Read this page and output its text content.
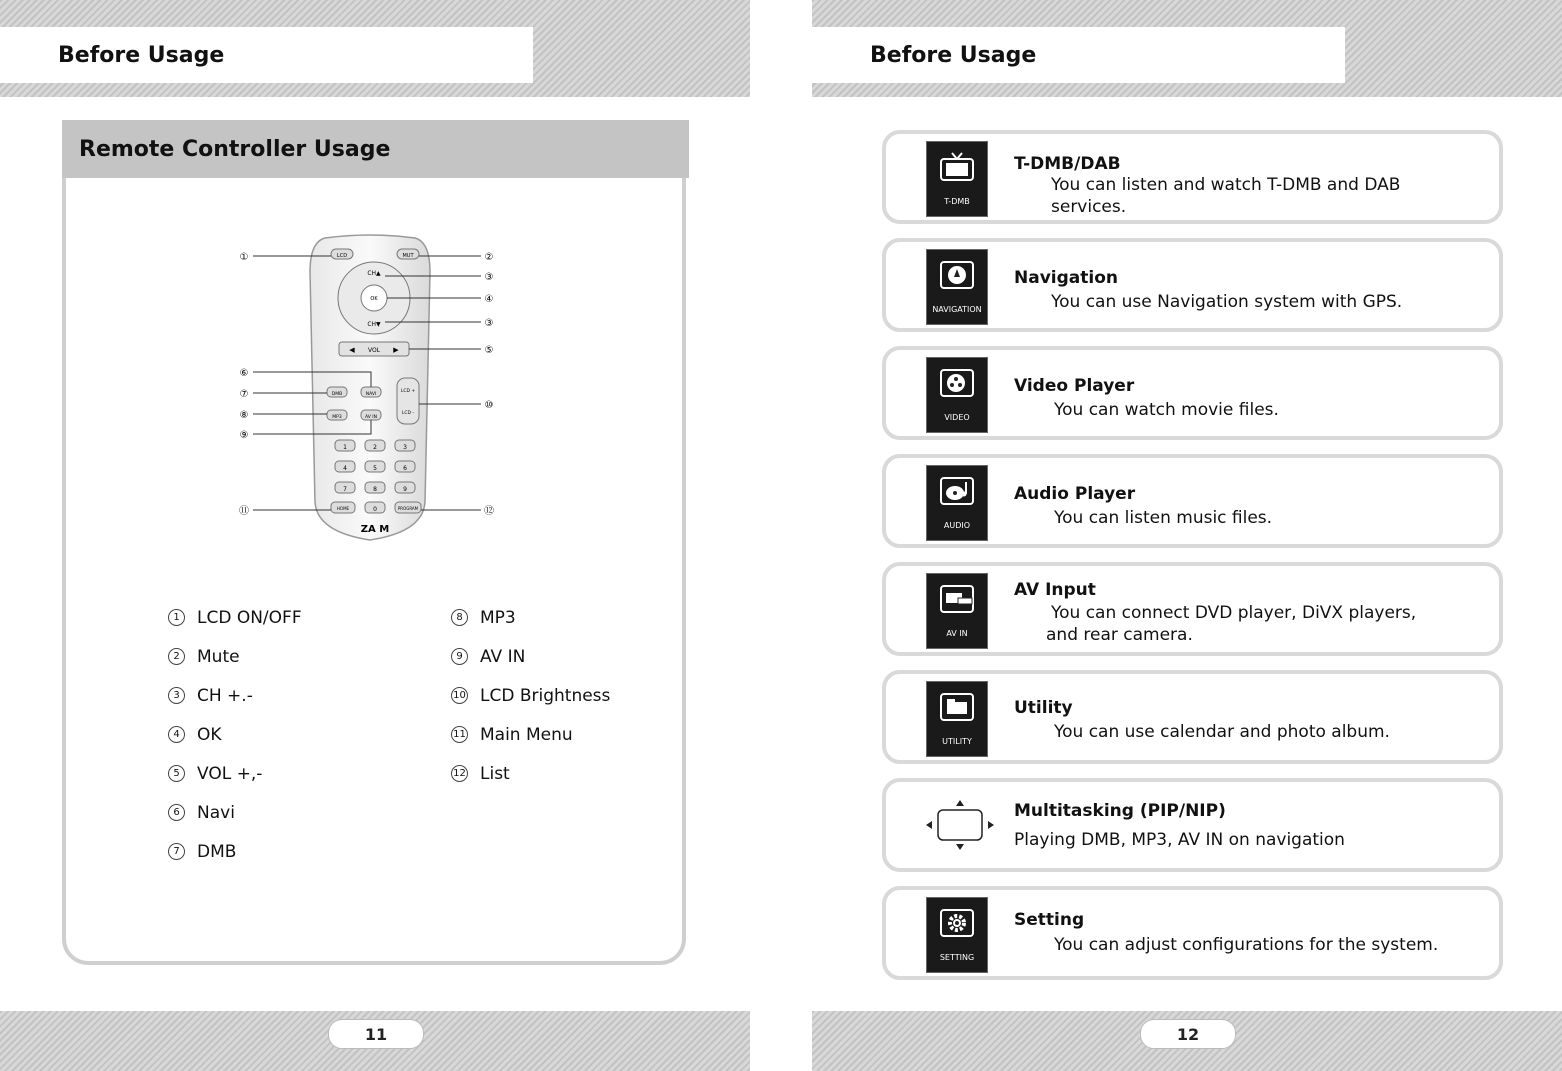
Before Usage
Remote Controller Usage
LCD	MUT
OK
CH▲
CH▼
◀ VOL ▶
DMB	NAVI
MP3	AV IN
LCD +
LCD -
1	2	3
4	5	6
7	8	9
HOME	0	PROGRAM
ZA M
①	②
③
④
③
⑤
⑥
⑦
⑧
⑨
⑩
⑪	⑫
1	LCD ON/OFF
2	Mute
3	CH +.-
4	OK
5	VOL +,-
6	Navi
7	DMB
8	MP3
9	AV IN
10 LCD Brightness
11 Main Menu
12 List
11
Before Usage
T-DMB
T-DMB/DAB
You can listen and watch T-DMB and DAB
services.
NAVIGATION
Navigation
You can use Navigation system with GPS.
VIDEO
Video Player
You can watch movie files.
AUDIO
Audio Player
You can listen music files.
AV IN
AV Input
You can connect DVD player, DiVX players,
and rear camera.
UTILITY
Utility
You can use calendar and photo album.
Multitasking (PIP/NIP)
Playing DMB, MP3, AV IN on navigation
SETTING
Setting
You can adjust configurations for the system.
12
